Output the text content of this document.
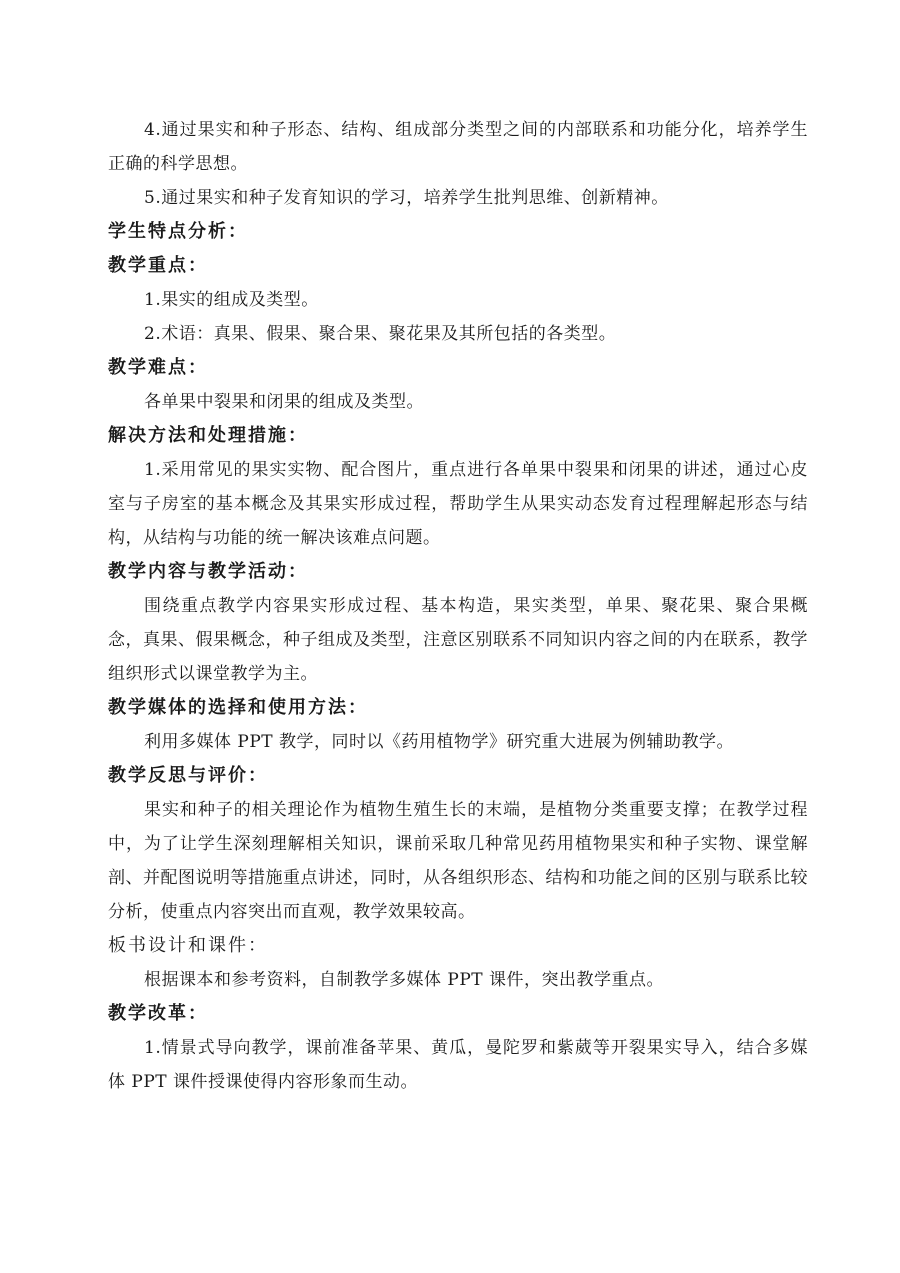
4.通过果实和种子形态、结构、组成部分类型之间的内部联系和功能分化，培养学生正确的科学思想。

5.通过果实和种子发育知识的学习，培养学生批判思维、创新精神。

学生特点分析：

教学重点：

1.果实的组成及类型。

2.术语：真果、假果、聚合果、聚花果及其所包括的各类型。

教学难点：

各单果中裂果和闭果的组成及类型。

解决方法和处理措施：

1.采用常见的果实实物、配合图片，重点进行各单果中裂果和闭果的讲述，通过心皮室与子房室的基本概念及其果实形成过程，帮助学生从果实动态发育过程理解起形态与结构，从结构与功能的统一解决该难点问题。

教学内容与教学活动：

围绕重点教学内容果实形成过程、基本构造，果实类型，单果、聚花果、聚合果概念，真果、假果概念，种子组成及类型，注意区别联系不同知识内容之间的内在联系，教学组织形式以课堂教学为主。

教学媒体的选择和使用方法：

利用多媒体 PPT 教学，同时以《药用植物学》研究重大进展为例辅助教学。

教学反思与评价：

果实和种子的相关理论作为植物生殖生长的末端，是植物分类重要支撑；在教学过程中，为了让学生深刻理解相关知识，课前采取几种常见药用植物果实和种子实物、课堂解剖、并配图说明等措施重点讲述，同时，从各组织形态、结构和功能之间的区别与联系比较分析，使重点内容突出而直观，教学效果较高。

板书设计和课件：

根据课本和参考资料，自制教学多媒体 PPT 课件，突出教学重点。

教学改革：

1.情景式导向教学，课前准备苹果、黄瓜，曼陀罗和紫葳等开裂果实导入，结合多媒体 PPT 课件授课使得内容形象而生动。
